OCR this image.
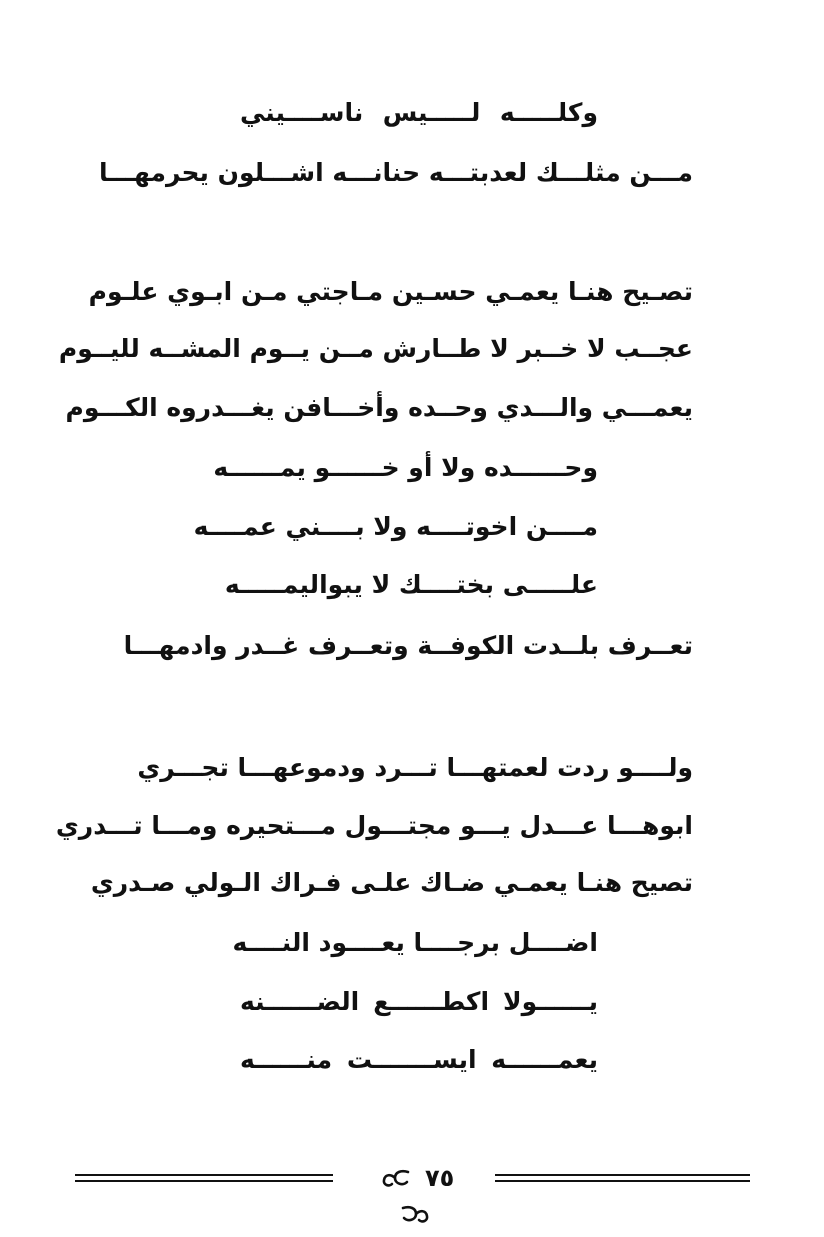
وكلـــــه لـــــيس ناســــيني
مـــن مثلـــك لعدبتـــه حنانـــه اشـــلون يحرمهـــا
تصـيح هنـا يعمـي حسـين مـاجتي مـن ابـوي علـوم
عجــب لا خــبر لا طــارش مــن يــوم المشــه لليــوم
يعمـــي والـــدي وحــده وأخـــافن يغـــدروه الكـــوم
وحــــــده ولا أو خــــــو يمــــــه
مــــن اخوتــــه ولا بــــني عمــــه
علـــــى بختــــك لا يبواليمـــــه
تعــرف بلــدت الكوفــة وتعــرف غــدر وادمهـــا
ولــــو ردت لعمتهـــا تـــرد ودموعهـــا تجـــري
ابوهـــا عـــدل يـــو مجتـــول مـــتحيره ومـــا تـــدري
تصيح هنـا يعمـي ضـاك علـى فـراك الـولي صـدري
اضــــل برجــــا يعــــود النــــه
يــــــولا اكطــــــع الضــــــنه
يعمــــــه ايســـــــت منــــــه
٧٥
